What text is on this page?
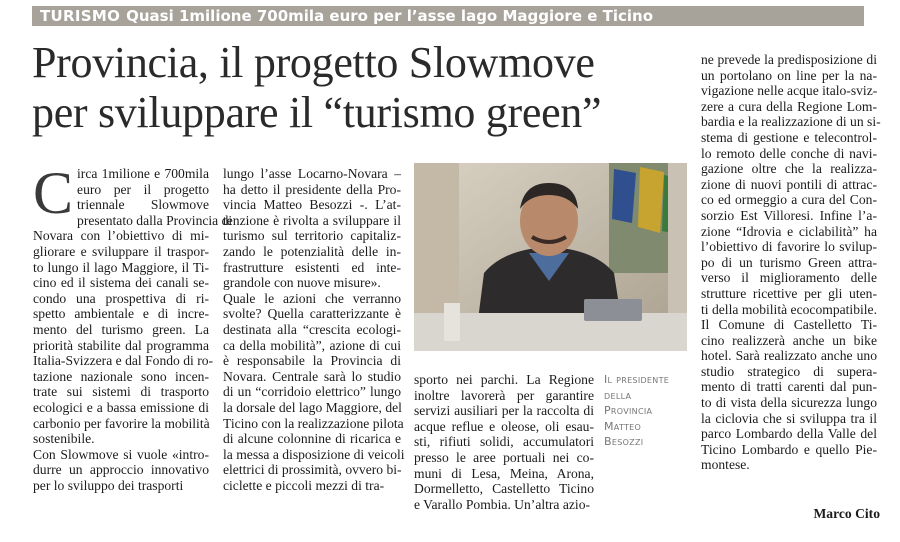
TURISMO Quasi 1milione 700mila euro per l’asse lago Maggiore e Ticino
Provincia, il progetto Slowmove
per sviluppare il “turismo green”
C irca 1milione e 700mila
euro per il progetto
triennale Slowmove
presentato dalla Provincia di
Novara con l’obiettivo di mi-
gliorare e sviluppare il traspor-
to lungo il lago Maggiore, il Ti-
cino ed il sistema dei canali se-
condo una prospettiva di ri-
spetto ambientale e di incre-
mento del turismo green. La
priorità stabilite dal programma
Italia-Svizzera e dal Fondo di ro-
tazione nazionale sono incen-
trate sui sistemi di trasporto
ecologici e a bassa emissione di
carbonio per favorire la mobilità
sostenibile.
Con Slowmove si vuole «intro-
durre un approccio innovativo
per lo sviluppo dei trasporti
lungo l’asse Locarno-Novara –
ha detto il presidente della Pro-
vincia Matteo Besozzi -. L’at-
tenzione è rivolta a sviluppare il
turismo sul territorio capitaliz-
zando le potenzialità delle in-
frastrutture esistenti ed inte-
grandole con nuove misure».
Quale le azioni che verranno
svolte? Quella caratterizzante è
destinata alla “crescita ecologi-
ca della mobilità”, azione di cui
è responsabile la Provincia di
Novara. Centrale sarà lo studio
di un “corridoio elettrico” lungo
la dorsale del lago Maggiore, del
Ticino con la realizzazione pilota
di alcune colonnine di ricarica e
la messa a disposizione di veicoli
elettrici di prossimità, ovvero bi-
ciclette e piccoli mezzi di tra-
Il presidente
della
Provincia
Matteo
Besozzi
sporto nei parchi. La Regione
inoltre lavorerà per garantire
servizi ausiliari per la raccolta di
acque reflue e oleose, oli esau-
sti, rifiuti solidi, accumulatori
presso le aree portuali nei co-
muni di Lesa, Meina, Arona,
Dormelletto, Castelletto Ticino
e Varallo Pombia. Un’altra azio-
ne prevede la predisposizione di
un portolano on line per la na-
vigazione nelle acque italo-sviz-
zere a cura della Regione Lom-
bardia e la realizzazione di un si-
stema di gestione e telecontrol-
lo remoto delle conche di navi-
gazione oltre che la realizza-
zione di nuovi pontili di attrac-
co ed ormeggio a cura del Con-
sorzio Est Villoresi. Infine l’a-
zione “Idrovia e ciclabilità” ha
l’obiettivo di favorire lo svilup-
po di un turismo Green attra-
verso il miglioramento delle
strutture ricettive per gli uten-
ti della mobilità ecocompatibile.
Il Comune di Castelletto Ti-
cino realizzerà anche un bike
hotel. Sarà realizzato anche uno
studio strategico di supera-
mento di tratti carenti dal pun-
to di vista della sicurezza lungo
la ciclovia che si sviluppa tra il
parco Lombardo della Valle del
Ticino Lombardo e quello Pie-
montese.
Marco Cito
